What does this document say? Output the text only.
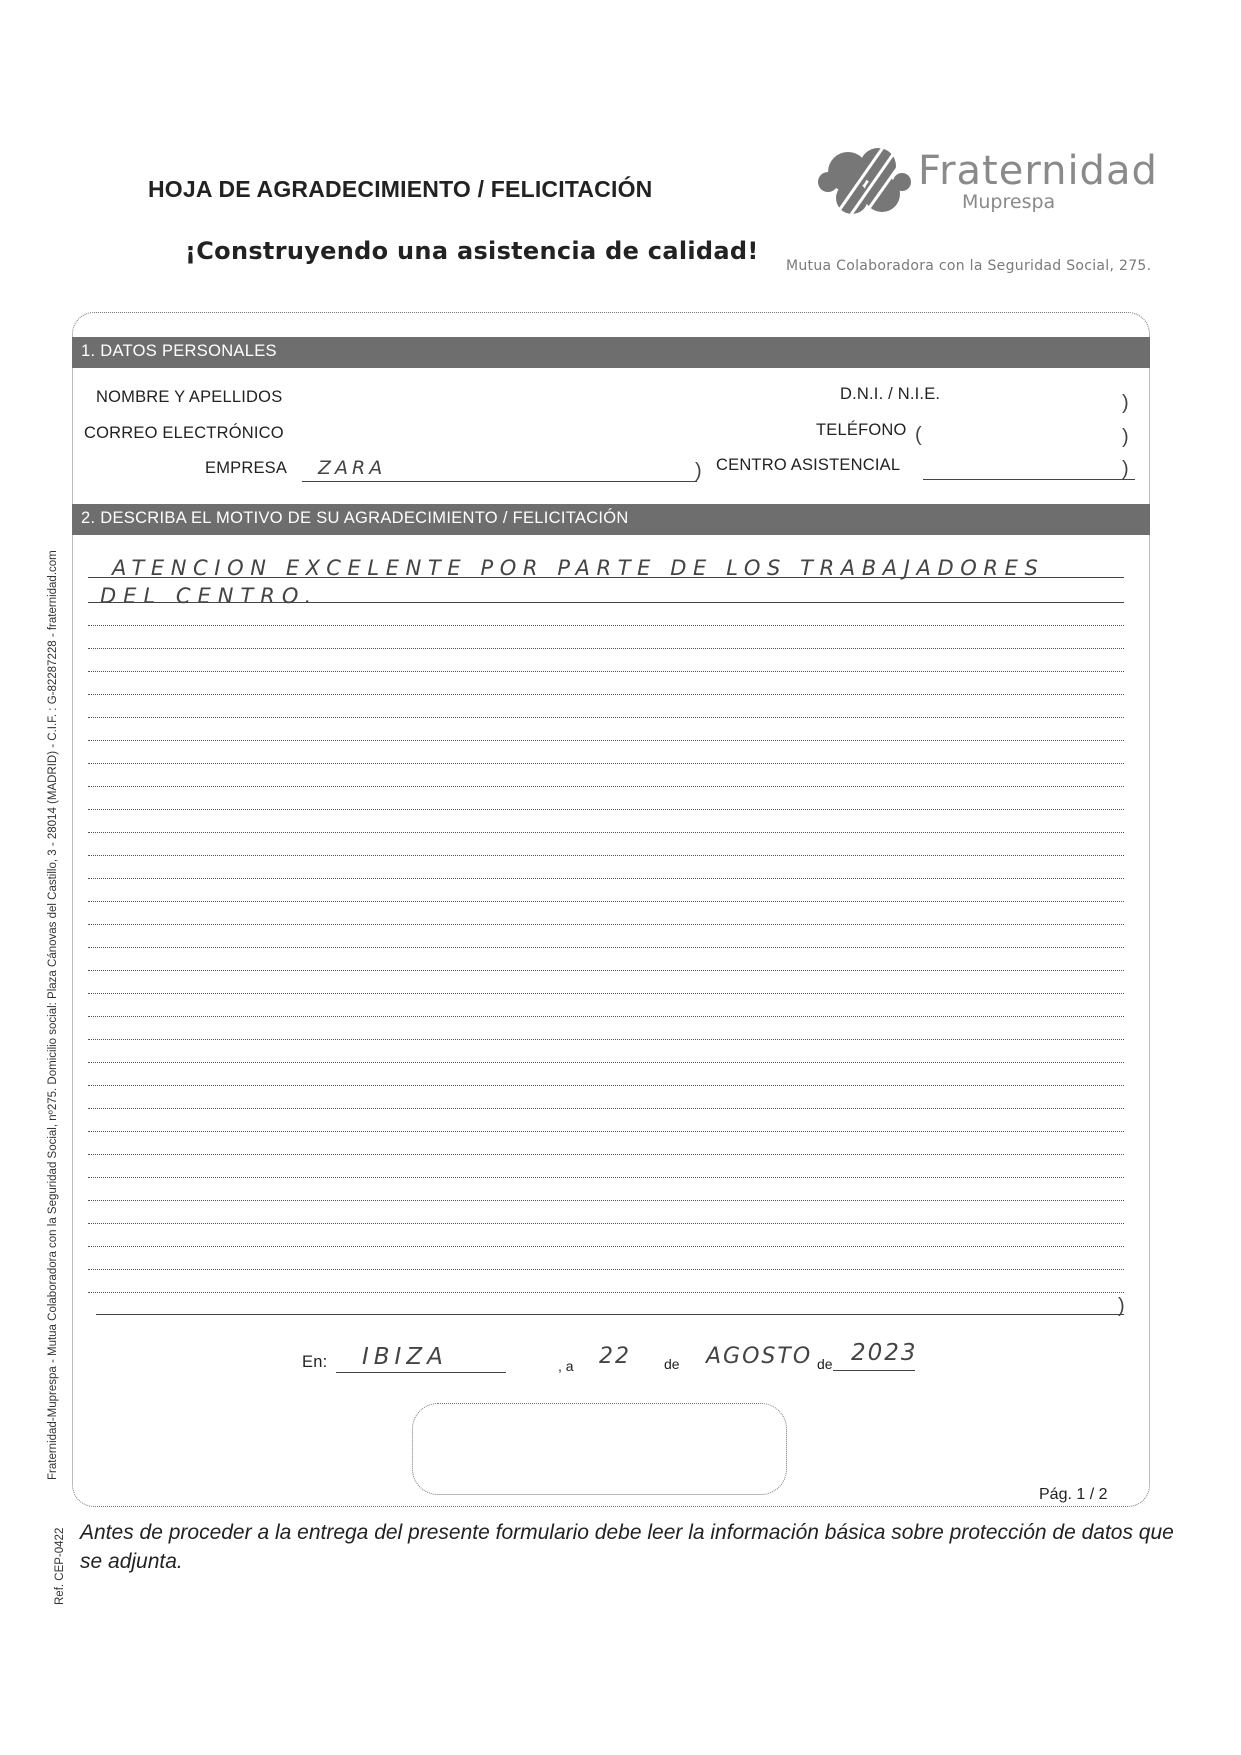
HOJA DE AGRADECIMIENTO / FELICITACIÓN
¡Construyendo una asistencia de calidad!
Fraternidad
Muprespa
Mutua Colaboradora con la Seguridad Social, 275.
1. DATOS PERSONALES
NOMBRE Y APELLIDOS	D.N.I. / N.I.E.	)
CORREO ELECTRÓNICO	TELÉFONO (	)
EMPRESA ZARA	) CENTRO ASISTENCIAL	)
2. DESCRIBA EL MOTIVO DE SU AGRADECIMIENTO / FELICITACIÓN
ATENCION EXCELENTE POR PARTE DE LOS TRABAJADORES
DEL CENTRO.
)
En: IBIZA	, a 22 de AGOSTO de 2023
Pág. 1 / 2
Antes de proceder a la entrega del presente formulario debe leer la información básica sobre protección de datos que se adjunta.
Fraternidad-Muprespa - Mutua Colaboradora con la Seguridad Social, nº275. Domicilio social: Plaza Cánovas del Castillo, 3 - 28014 (MADRID) - C.I.F. : G-82287228 - fraternidad.com
Ref. CEP-0422
